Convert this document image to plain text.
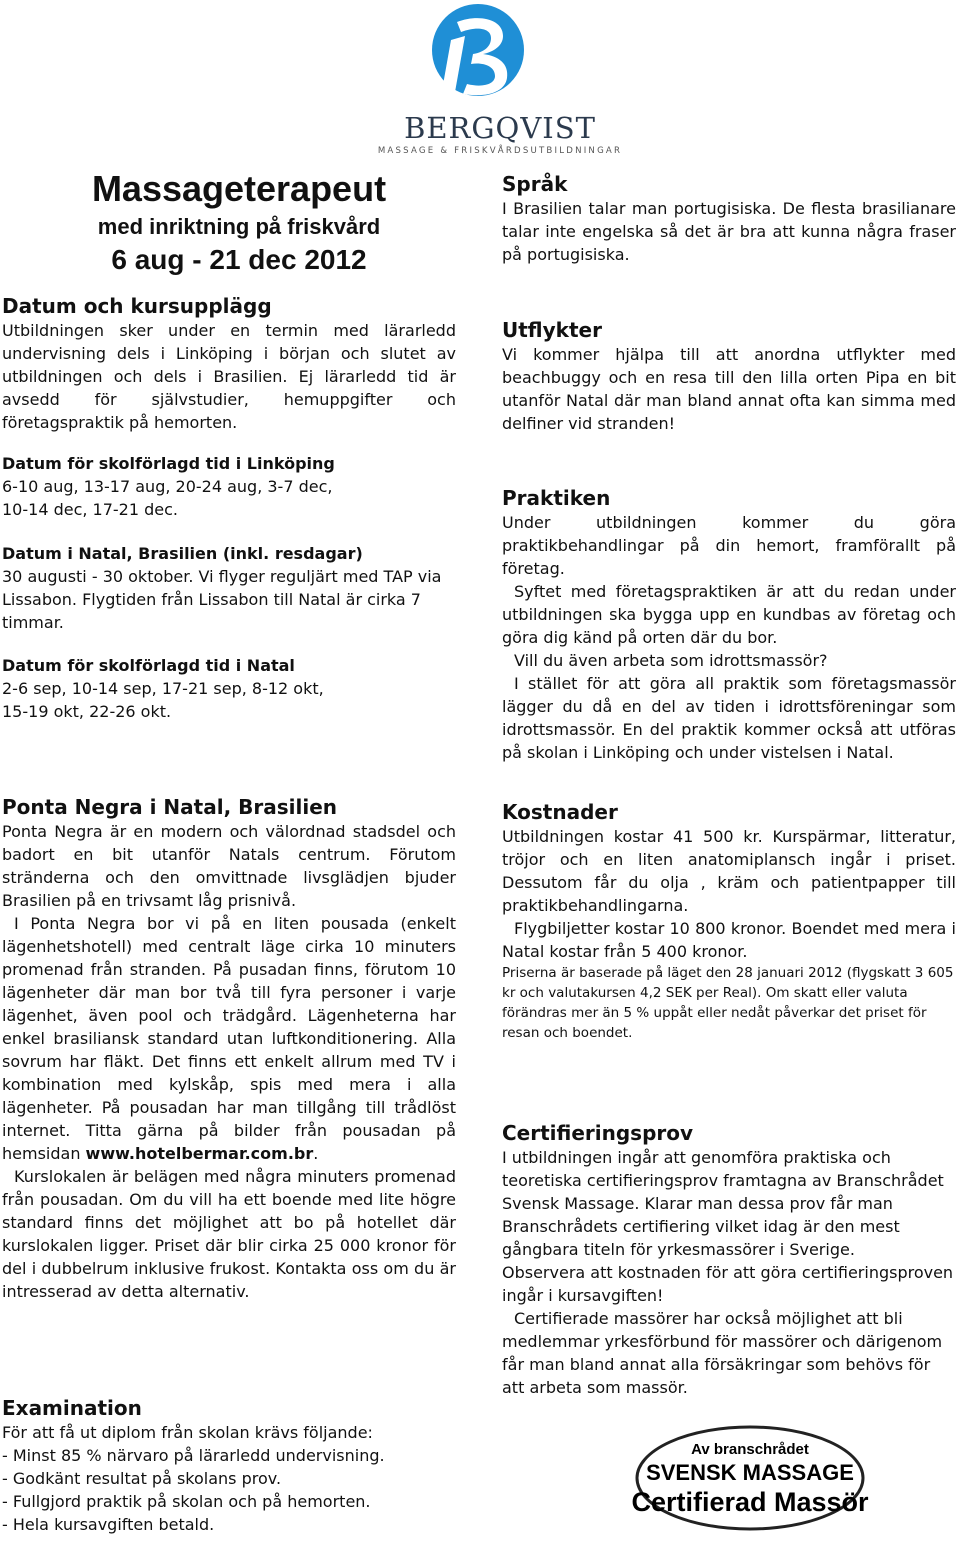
BERGQVIST
MASSAGE & FRISKVÅRDSUTBILDNINGAR
Massageterapeut
med inriktning på friskvård
6 aug - 21 dec 2012
Datum och kursupplägg

Utbildningen sker under en termin med lärarledd undervisning dels i Linköping i början och slutet av utbildningen och dels i Brasilien. Ej lärarledd tid är avsedd för självstudier, hemuppgifter och företagspraktik på hemorten.

Datum för skolförlagd tid i Linköping

6-10 aug, 13-17 aug, 20-24 aug, 3-7 dec,

10-14 dec, 17-21 dec.

Datum i Natal, Brasilien (inkl. resdagar)

30 augusti - 30 oktober. Vi flyger reguljärt med TAP via Lissabon. Flygtiden från Lissabon till Natal är cirka 7 timmar.

Datum för skolförlagd tid i Natal

2-6 sep, 10-14 sep, 17-21 sep, 8-12 okt,

15-19 okt, 22-26 okt.

Ponta Negra i Natal, Brasilien

Ponta Negra är en modern och välordnad stadsdel och badort en bit utanför Natals centrum. Förutom stränderna och den omvittnade livsglädjen bjuder Brasilien på en trivsamt låg prisnivå.

I Ponta Negra bor vi på en liten pousada (enkelt lägenhetshotell) med centralt läge cirka 10 minuters promenad från stranden. På pusadan finns, förutom 10 lägenheter där man bor två till fyra personer i varje lägenhet, även pool och trädgård. Lägenheterna har enkel brasiliansk standard utan luftkonditionering. Alla sovrum har fläkt. Det finns ett enkelt allrum med TV i kombination med kylskåp, spis med mera i alla lägenheter. På pousadan har man tillgång till trådlöst internet. Titta gärna på bilder från pousadan på hemsidan www.hotelbermar.com.br.

Kurslokalen är belägen med några minuters promenad från pousadan. Om du vill ha ett boende med lite högre standard finns det möjlighet att bo på hotellet där kurslokalen ligger. Priset där blir cirka 25 000 kronor för del i dubbelrum inklusive frukost. Kontakta oss om du är intresserad av detta alternativ.

Examination

För att få ut diplom från skolan krävs följande:

- Minst 85 % närvaro på lärarledd undervisning.

- Godkänt resultat på skolans prov.

- Fullgjord praktik på skolan och på hemorten.

- Hela kursavgiften betald.

Språk

I Brasilien talar man portugisiska. De flesta brasilianare talar inte engelska så det är bra att kunna några fraser på portugisiska.

Utflykter

Vi kommer hjälpa till att anordna utflykter med beachbuggy och en resa till den lilla orten Pipa en bit utanför Natal där man bland annat ofta kan simma med delfiner vid stranden!

Praktiken

Under utbildningen kommer du göra praktikbehandlingar på din hemort, framförallt på företag.

Syftet med företagspraktiken är att du redan under utbildningen ska bygga upp en kundbas av företag och göra dig känd på orten där du bor.

Vill du även arbeta som idrottsmassör?

I stället för att göra all praktik som företagsmassör lägger du då en del av tiden i idrottsföreningar som idrottsmassör. En del praktik kommer också att utföras på skolan i Linköping och under vistelsen i Natal.

Kostnader

Utbildningen kostar 41 500 kr. Kurspärmar, litteratur, tröjor och en liten anatomiplansch ingår i priset. Dessutom får du olja , kräm och patientpapper till praktikbehandlingarna.

Flygbiljetter kostar 10 800 kronor. Boendet med mera i Natal kostar från 5 400 kronor.

Priserna är baserade på läget den 28 januari 2012 (flygskatt 3 605 kr och valutakursen 4,2 SEK per Real). Om skatt eller valuta förändras mer än 5 % uppåt eller nedåt påverkar det priset för resan och boendet.

Certifieringsprov

I utbildningen ingår att genomföra praktiska och teoretiska certifieringsprov framtagna av Branschrådet Svensk Massage. Klarar man dessa prov får man Branschrådets certifiering vilket idag är den mest gångbara titeln för yrkesmassörer i Sverige.

Observera att kostnaden för att göra certifieringsproven ingår i kursavgiften!

Certifierade massörer har också möjlighet att bli medlemmar yrkesförbund för massörer och därigenom får man bland annat alla försäkringar som behövs för att arbeta som massör.

Av branschrådet
SVENSK MASSAGE
Certifierad Massör
